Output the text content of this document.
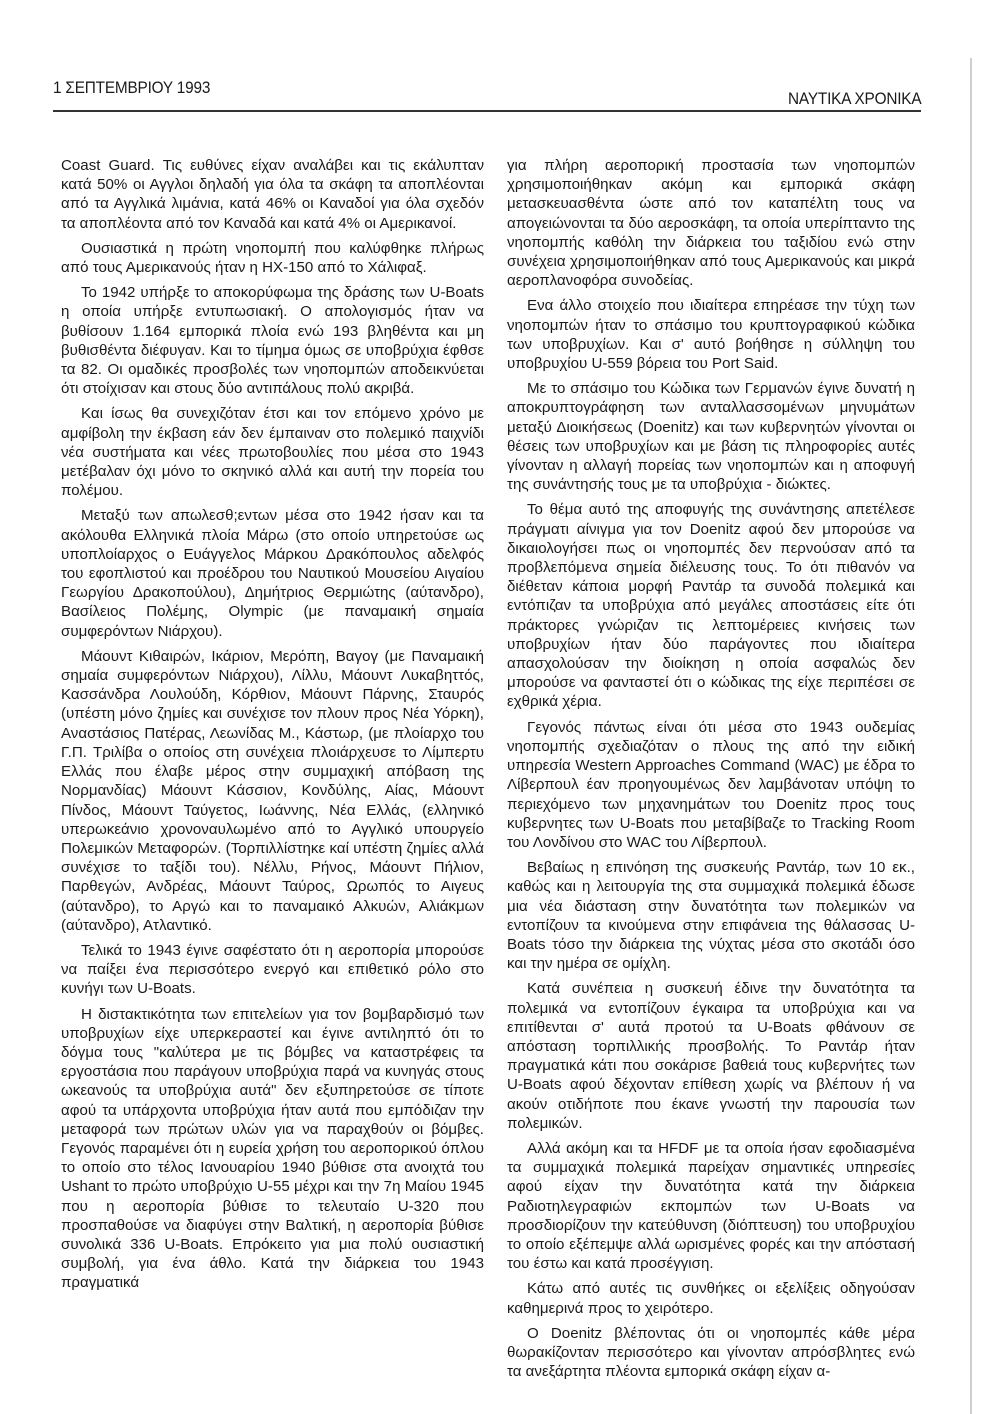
1 ΣΕΠΤΕΜΒΡΙΟΥ 1993
ΝΑΥΤΙΚΑ ΧΡΟΝΙΚΑ

Coast Guard. Τις ευθύνες είχαν αναλάβει και τις εκάλυπταν κατά 50% οι Αγγλοι δηλαδή για όλα τα σκάφη τα αποπλέονται από τα Αγγλικά λιμάνια, κατά 46% οι Καναδοί για όλα σχεδόν τα αποπλέοντα από τον Καναδά και κατά 4% οι Αμερικανοί.

Ουσιαστικά η πρώτη νηοπομπή που καλύφθηκε πλήρως από τους Αμερικανούς ήταν η HX-150 από το Χάλιφαξ.

Το 1942 υπήρξε το αποκορύφωμα της δράσης των U-Boats η οποία υπήρξε εντυπωσιακή. Ο απολογισμός ήταν να βυθίσουν 1.164 εμπορικά πλοία ενώ 193 βληθέντα και μη βυθισθέντα διέφυγαν. Και το τίμημα όμως σε υποβρύχια έφθσε τα 82. Οι ομαδικές προσβολές των νηοπομπών αποδεικνύεται ότι στοίχισαν και στους δύο αντιπάλους πολύ ακριβά.

Και ίσως θα συνεχιζόταν έτσι και τον επόμενο χρόνο με αμφίβολη την έκβαση εάν δεν έμπαιναν στο πολεμικό παιχνίδι νέα συστήματα και νέες πρωτοβουλίες που μέσα στο 1943 μετέβαλαν όχι μόνο το σκηνικό αλλά και αυτή την πορεία του πολέμου.

Μεταξύ των απωλεσθ;εντων μέσα στο 1942 ήσαν και τα ακόλουθα Ελληνικά πλοία Μάρω (στο οποίο υπηρετούσε ως υποπλοίαρχος ο Ευάγγελος Μάρκου Δρακόπουλος αδελφός του εφοπλιστού και προέδρου του Ναυτικού Μουσείου Αιγαίου Γεωργίου Δρακοπούλου), Δημήτριος Θερμιώτης (αύτανδρο), Βασίλειος Πολέμης, Olympic (με παναμαική σημαία συμφερόντων Νιάρχου).

Μάουντ Κιθαιρών, Ικάριον, Μερόπη, Βαγογ (με Παναμαική σημαία συμφερόντων Νιάρχου), Λίλλυ, Μάουντ Λυκαβηττός, Κασσάνδρα Λουλούδη, Κόρθιον, Μάουντ Πάρνης, Σταυρός (υπέστη μόνο ζημίες και συνέχισε τον πλουν προς Νέα Υόρκη), Αναστάσιος Πατέρας, Λεωνίδας Μ., Κάστωρ, (με πλοίαρχο του Γ.Π. Τριλίβα ο οποίος στη συνέχεια πλοιάρχευσε το Λίμπερτυ Ελλάς που έλαβε μέρος στην συμμαχική απόβαση της Νορμανδίας) Μάουντ Κάσσιον, Κονδύλης, Αίας, Μάουντ Πίνδος, Μάουντ Ταύγετος, Ιωάννης, Νέα Ελλάς, (ελληνικό υπερωκεάνιο χρονοναυλωμένο από το Αγγλικό υπουργείο Πολεμικών Μεταφορών. (Τορπιλλίστηκε καί υπέστη ζημίες αλλά συνέχισε το ταξίδι του). Νέλλυ, Ρήνος, Μάουντ Πήλιον, Παρθεγών, Ανδρέας, Μάουντ Ταύρος, Ωρωπός το Αιγευς (αύτανδρο), το Αργώ και το παναμαικό Αλκυών, Αλιάκμων (αύτανδρο), Ατλαντικό.

Τελικά το 1943 έγινε σαφέστατο ότι η αεροπορία μπορούσε να παίξει ένα περισσότερο ενεργό και επιθετικό ρόλο στο κυνήγι των U-Boats.

Η διστακτικότητα των επιτελείων για τον βομβαρδισμό των υποβρυχίων είχε υπερκεραστεί και έγινε αντιληπτό ότι το δόγμα τους "καλύτερα με τις βόμβες να καταστρέφεις τα εργοστάσια που παράγουν υποβρύχια παρά να κυνηγάς στους ωκεανούς τα υποβρύχια αυτά" δεν εξυπηρετούσε σε τίποτε αφού τα υπάρχοντα υποβρύχια ήταν αυτά που εμπόδιζαν την μεταφορά των πρώτων υλών για να παραχθούν οι βόμβες. Γεγονός παραμένει ότι η ευρεία χρήση του αεροπορικού όπλου το οποίο στο τέλος Ιανουαρίου 1940 βύθισε στα ανοιχτά του Ushant το πρώτο υποβρύχιο U-55 μέχρι και την 7η Μαίου 1945 που η αεροπορία βύθισε το τελευταίο U-320 που προσπαθούσε να διαφύγει στην Βαλτική, η αεροπορία βύθισε συνολικά 336 U-Boats. Επρόκειτο για μια πολύ ουσιαστική συμβολή, για ένα άθλο. Κατά την διάρκεια του 1943 πραγματικά

για πλήρη αεροπορική προστασία των νηοπομπών χρησιμοποιήθηκαν ακόμη και εμπορικά σκάφη μετασκευασθέντα ώστε από τον καταπέλτη τους να απογειώνονται τα δύο αεροσκάφη, τα οποία υπερίπταντο της νηοπομπής καθόλη την διάρκεια του ταξιδίου ενώ στην συνέχεια χρησιμοποιήθηκαν από τους Αμερικανούς και μικρά αεροπλανοφόρα συνοδείας.

Ενα άλλο στοιχείο που ιδιαίτερα επηρέασε την τύχη των νηοπομπών ήταν το σπάσιμο του κρυπτογραφικού κώδικα των υποβρυχίων. Και σ' αυτό βοήθησε η σύλληψη του υποβρυχίου U-559 βόρεια του Port Said.

Με το σπάσιμο του Κώδικα των Γερμανών έγινε δυνατή η αποκρυπτογράφηση των ανταλλασσομένων μηνυμάτων μεταξύ Διοικήσεως (Doenitz) και των κυβερνητών γίνονται οι θέσεις των υποβρυχίων και με βάση τις πληροφορίες αυτές γίνονταν η αλλαγή πορείας των νηοπομπών και η αποφυγή της συνάντησής τους με τα υποβρύχια - διώκτες.

Το θέμα αυτό της αποφυγής της συνάντησης απετέλεσε πράγματι αίνιγμα για τον Doenitz αφού δεν μπορούσε να δικαιολογήσει πως οι νηοπομπές δεν περνούσαν από τα προβλεπόμενα σημεία διέλευσης τους. Το ότι πιθανόν να διέθεταν κάποια μορφή Ραντάρ τα συνοδά πολεμικά και εντόπιζαν τα υποβρύχια από μεγάλες αποστάσεις είτε ότι πράκτορες γνώριζαν τις λεπτομέρειες κινήσεις των υποβρυχίων ήταν δύο παράγοντες που ιδιαίτερα απασχολούσαν την διοίκηση η οποία ασφαλώς δεν μπορούσε να φανταστεί ότι ο κώδικας της είχε περιπέσει σε εχθρικά χέρια.

Γεγονός πάντως είναι ότι μέσα στο 1943 ουδεμίας νηοπομπής σχεδιαζόταν ο πλους της από την ειδική υπηρεσία Western Approaches Command (WAC) με έδρα το Λίβερπουλ έαν προηγουμένως δεν λαμβάνοταν υπόψη το περιεχόμενο των μηχανημάτων του Doenitz προς τους κυβερνητες των U-Boats που μεταβίβαζε το Tracking Room του Λονδίνου στο WAC του Λίβερπουλ.

Βεβαίως η επινόηση της συσκευής Ραντάρ, των 10 εκ., καθώς και η λειτουργία της στα συμμαχικά πολεμικά έδωσε μια νέα διάσταση στην δυνατότητα των πολεμικών να εντοπίζουν τα κινούμενα στην επιφάνεια της θάλασσας U-Boats τόσο την διάρκεια της νύχτας μέσα στο σκοτάδι όσο και την ημέρα σε ομίχλη.

Κατά συνέπεια η συσκευή έδινε την δυνατότητα τα πολεμικά να εντοπίζουν έγκαιρα τα υποβρύχια και να επιτίθενται σ' αυτά προτού τα U-Boats φθάνουν σε απόσταση τορπιλλικής προσβολής. Το Ραντάρ ήταν πραγματικά κάτι που σοκάρισε βαθειά τους κυβερνήτες των U-Boats αφού δέχονταν επίθεση χωρίς να βλέπουν ή να ακούν οτιδήποτε που έκανε γνωστή την παρουσία των πολεμικών.

Αλλά ακόμη και τα HFDF με τα οποία ήσαν εφοδιασμένα τα συμμαχικά πολεμικά παρείχαν σημαντικές υπηρεσίες αφού είχαν την δυνατότητα κατά την διάρκεια Ραδιοτηλεγραφιών εκπομπών των U-Boats να προσδιορίζουν την κατεύθυνση (διόπτευση) του υποβρυχίου το οποίο εξέπεμψε αλλά ωρισμένες φορές και την απόστασή του έστω και κατά προσέγγιση.

Κάτω από αυτές τις συνθήκες οι εξελίξεις οδηγούσαν καθημερινά προς το χειρότερο.

Ο Doenitz βλέποντας ότι οι νηοπομπές κάθε μέρα θωρακίζονταν περισσότερο και γίνονταν απρόσβλητες ενώ τα ανεξάρτητα πλέοντα εμπορικά σκάφη είχαν α-
